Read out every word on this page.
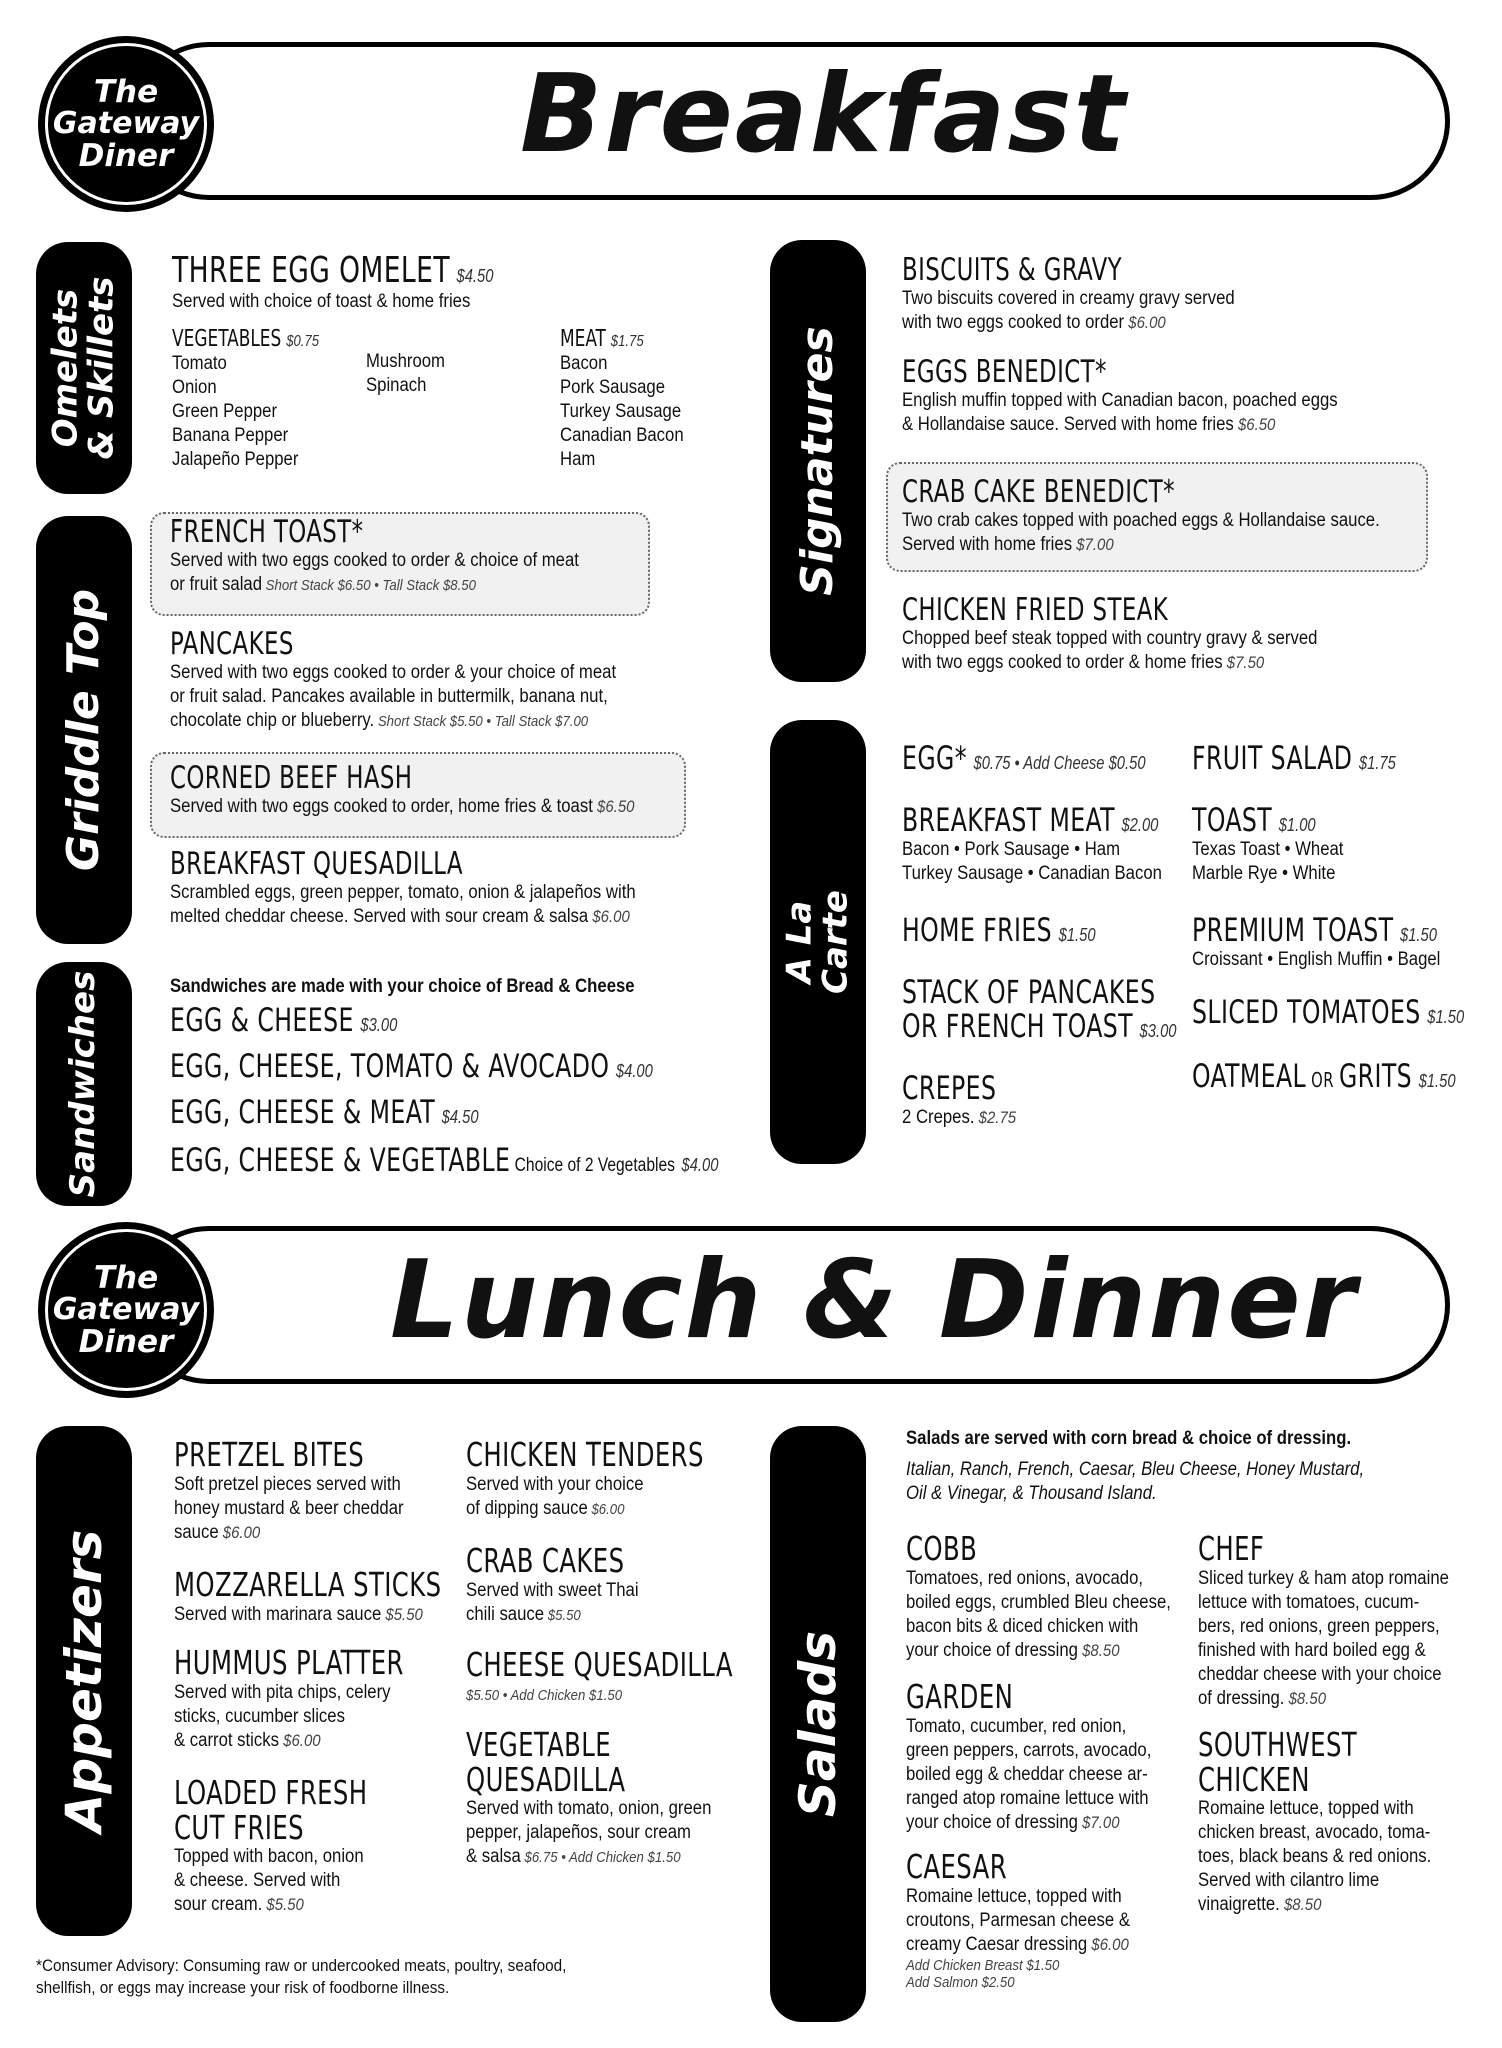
Breakfast
The
Gateway
Diner
Omelets
& Skillets
Griddle Top
Sandwiches
Signatures
A La
Carte
THREE EGG OMELET $4.50
Served with choice of toast & home fries
VEGETABLES $0.75
Tomato
Onion
Green Pepper
Banana Pepper
Jalapeño Pepper
Mushroom
Spinach
MEAT $1.75
Bacon
Pork Sausage
Turkey Sausage
Canadian Bacon
Ham
FRENCH TOAST*
Served with two eggs cooked to order & choice of meat
or fruit salad Short Stack $6.50 • Tall Stack $8.50
PANCAKES
Served with two eggs cooked to order & your choice of meat
or fruit salad. Pancakes available in buttermilk, banana nut,
chocolate chip or blueberry. Short Stack $5.50 • Tall Stack $7.00
CORNED BEEF HASH
Served with two eggs cooked to order, home fries & toast $6.50
BREAKFAST QUESADILLA
Scrambled eggs, green pepper, tomato, onion & jalapeños with
melted cheddar cheese. Served with sour cream & salsa $6.00
Sandwiches are made with your choice of Bread & Cheese
EGG & CHEESE $3.00
EGG, CHEESE, TOMATO & AVOCADO $4.00
EGG, CHEESE & MEAT $4.50
EGG, CHEESE & VEGETABLE Choice of 2 Vegetables $4.00
BISCUITS & GRAVY
Two biscuits covered in creamy gravy served
with two eggs cooked to order $6.00
EGGS BENEDICT*
English muffin topped with Canadian bacon, poached eggs
& Hollandaise sauce. Served with home fries $6.50
CRAB CAKE BENEDICT*
Two crab cakes topped with poached eggs & Hollandaise sauce.
Served with home fries $7.00
CHICKEN FRIED STEAK
Chopped beef steak topped with country gravy & served
with two eggs cooked to order & home fries $7.50
EGG* $0.75 • Add Cheese $0.50
BREAKFAST MEAT $2.00
Bacon • Pork Sausage • Ham
Turkey Sausage • Canadian Bacon
HOME FRIES $1.50
STACK OF PANCAKES
OR FRENCH TOAST $3.00
CREPES
2 Crepes. $2.75
FRUIT SALAD $1.75
TOAST $1.00
Texas Toast • Wheat
Marble Rye • White
PREMIUM TOAST $1.50
Croissant • English Muffin • Bagel
SLICED TOMATOES $1.50
OATMEAL OR GRITS $1.50
Lunch & Dinner
The
Gateway
Diner
Appetizers	Salads
PRETZEL BITES
Soft pretzel pieces served with
honey mustard & beer cheddar
sauce $6.00
MOZZARELLA STICKS
Served with marinara sauce $5.50
HUMMUS PLATTER
Served with pita chips, celery
sticks, cucumber slices
& carrot sticks $6.00
LOADED FRESH
CUT FRIES
Topped with bacon, onion
& cheese. Served with
sour cream. $5.50
CHICKEN TENDERS
Served with your choice
of dipping sauce $6.00
CRAB CAKES
Served with sweet Thai
chili sauce $5.50
CHEESE QUESADILLA
$5.50 • Add Chicken $1.50
VEGETABLE
QUESADILLA
Served with tomato, onion, green
pepper, jalapeños, sour cream
& salsa $6.75 • Add Chicken $1.50
Salads are served with corn bread & choice of dressing.
Italian, Ranch, French, Caesar, Bleu Cheese, Honey Mustard,
Oil & Vinegar, & Thousand Island.
COBB
Tomatoes, red onions, avocado,
boiled eggs, crumbled Bleu cheese,
bacon bits & diced chicken with
your choice of dressing $8.50
GARDEN
Tomato, cucumber, red onion,
green peppers, carrots, avocado,
boiled egg & cheddar cheese ar-
ranged atop romaine lettuce with
your choice of dressing $7.00
CAESAR
Romaine lettuce, topped with
croutons, Parmesan cheese &
creamy Caesar dressing $6.00
Add Chicken Breast $1.50
Add Salmon $2.50
CHEF
Sliced turkey & ham atop romaine
lettuce with tomatoes, cucum-
bers, red onions, green peppers,
finished with hard boiled egg &
cheddar cheese with your choice
of dressing. $8.50
SOUTHWEST
CHICKEN
Romaine lettuce, topped with
chicken breast, avocado, toma-
toes, black beans & red onions.
Served with cilantro lime
vinaigrette. $8.50
*Consumer Advisory: Consuming raw or undercooked meats, poultry, seafood,
shellfish, or eggs may increase your risk of foodborne illness.
